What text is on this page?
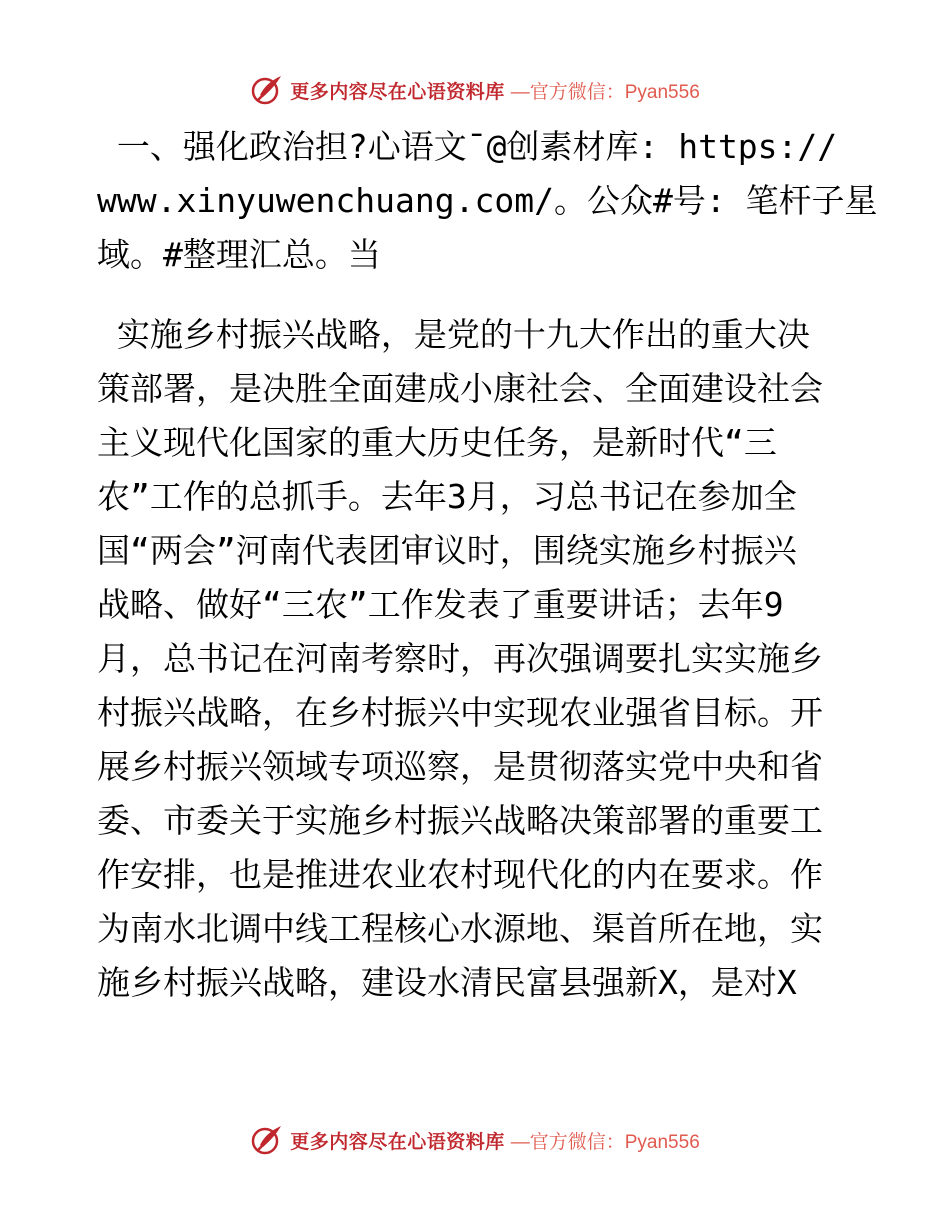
更多内容尽在心语资料库 —官方微信：Pyan556
一、强化政治担?心语文¯@创素材库: https://
www.xinyuwenchuang.com/。公众#号: 笔杆子星
域。#整理汇总。当
实施乡村振兴战略，是党的十九大作出的重大决
策部署，是决胜全面建成小康社会、全面建设社会
主义现代化国家的重大历史任务，是新时代“三
农”工作的总抓手。去年3月，习总书记在参加全
国“两会”河南代表团审议时，围绕实施乡村振兴
战略、做好“三农”工作发表了重要讲话；去年9
月，总书记在河南考察时，再次强调要扎实实施乡
村振兴战略，在乡村振兴中实现农业强省目标。开
展乡村振兴领域专项巡察，是贯彻落实党中央和省
委、市委关于实施乡村振兴战略决策部署的重要工
作安排，也是推进农业农村现代化的内在要求。作
为南水北调中线工程核心水源地、渠首所在地，实
施乡村振兴战略，建设水清民富县强新X，是对X
更多内容尽在心语资料库 —官方微信：Pyan556
